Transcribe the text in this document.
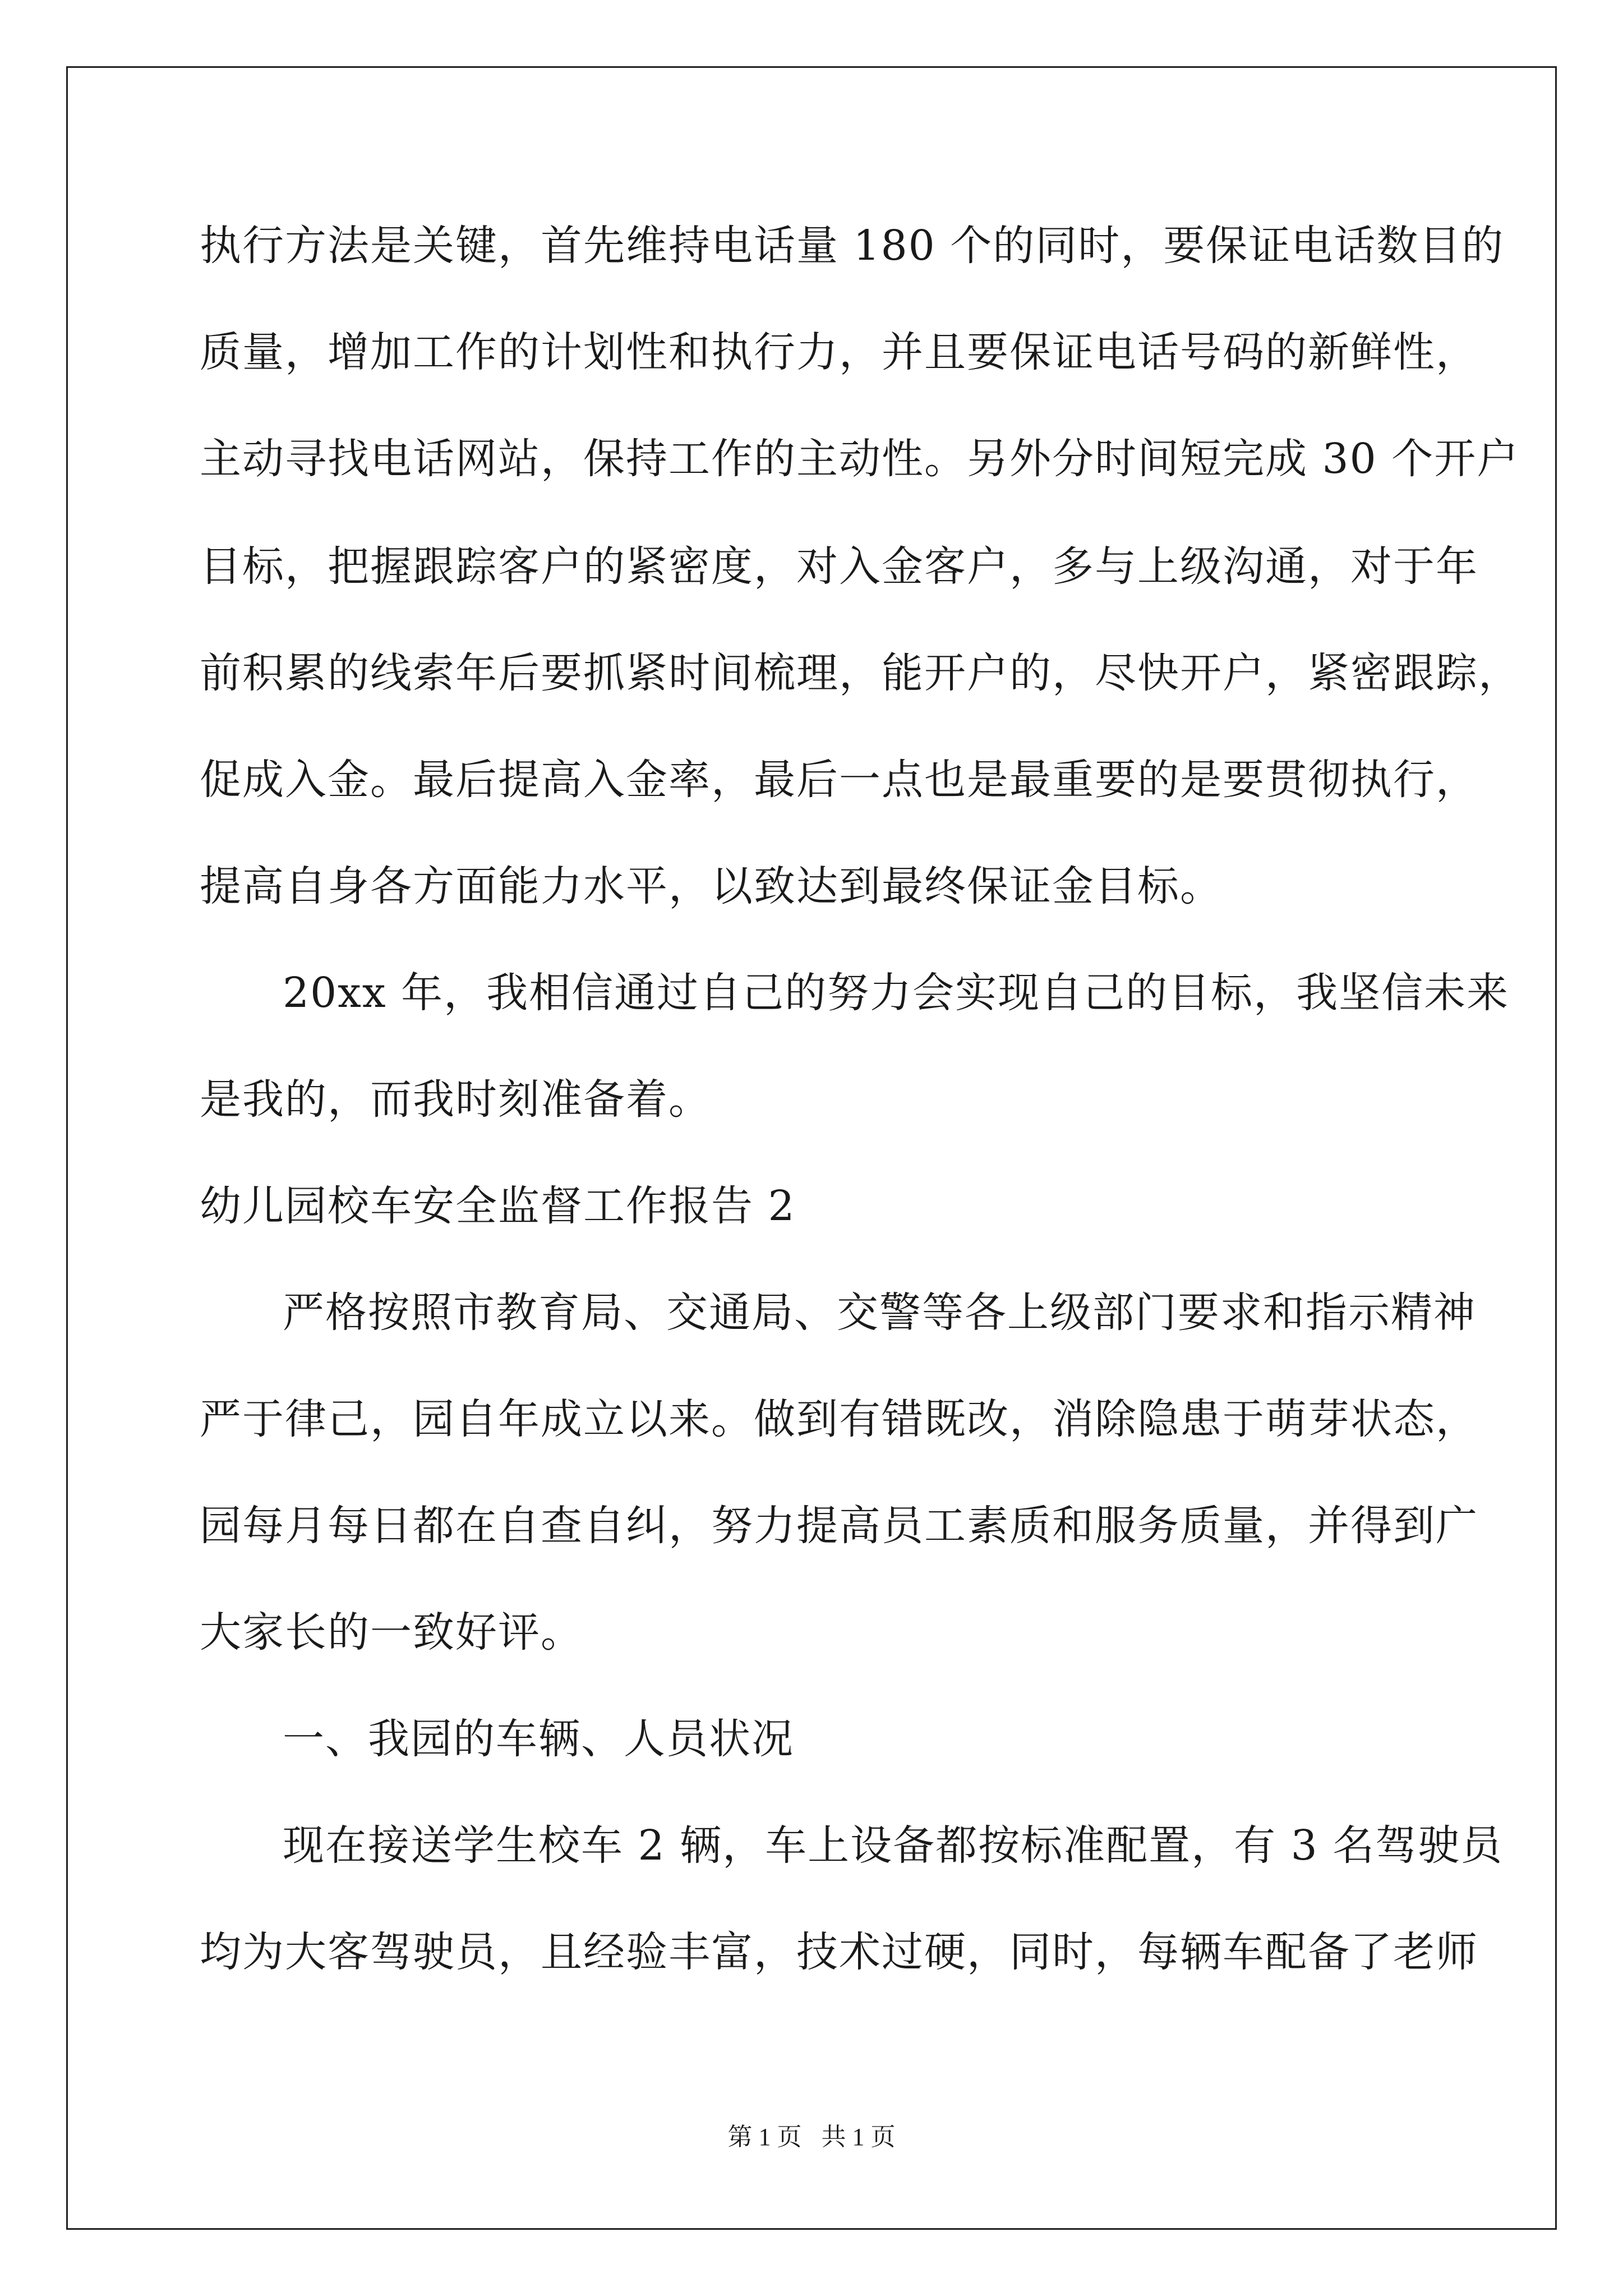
执行方法是关键，首先维持电话量 180 个的同时，要保证电话数目的
质量，增加工作的计划性和执行力，并且要保证电话号码的新鲜性，
主动寻找电话网站，保持工作的主动性。另外分时间短完成 30 个开户
目标，把握跟踪客户的紧密度，对入金客户，多与上级沟通，对于年
前积累的线索年后要抓紧时间梳理，能开户的，尽快开户，紧密跟踪，
促成入金。最后提高入金率，最后一点也是最重要的是要贯彻执行，
提高自身各方面能力水平，以致达到最终保证金目标。
20xx 年，我相信通过自己的努力会实现自己的目标，我坚信未来
是我的，而我时刻准备着。
幼儿园校车安全监督工作报告 2
严格按照市教育局、交通局、交警等各上级部门要求和指示精神
严于律己，园自年成立以来。做到有错既改，消除隐患于萌芽状态，
园每月每日都在自查自纠，努力提高员工素质和服务质量，并得到广
大家长的一致好评。
一、我园的车辆、人员状况
现在接送学生校车 2 辆，车上设备都按标准配置，有 3 名驾驶员
均为大客驾驶员，且经验丰富，技术过硬，同时，每辆车配备了老师
第 1 页 共 1 页
